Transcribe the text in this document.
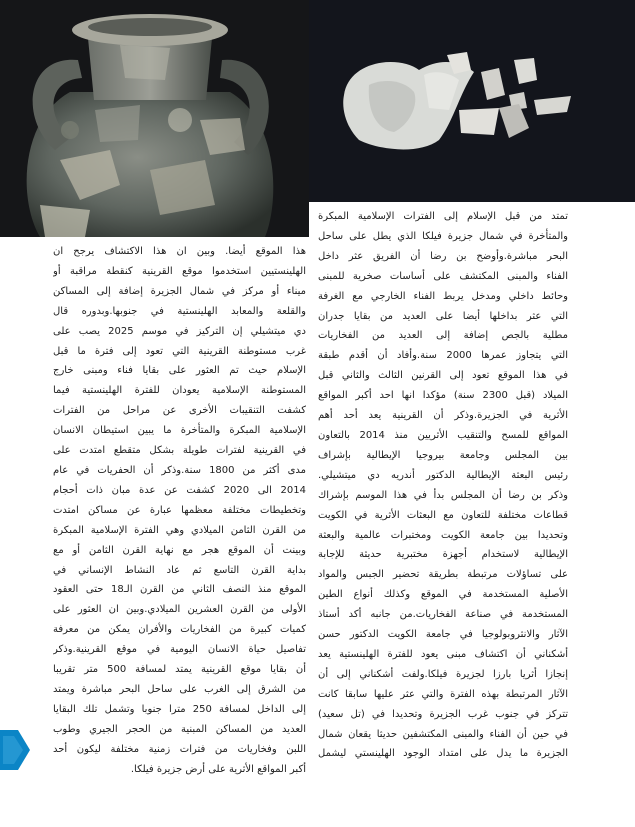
تمتد من قبل الإسلام إلى الفترات الإسلامية المبكرة
والمتأخرة في شمال جزيرة فيلكا الذي يطل على ساحل
البحر مباشرة.وأوضح بن رضا أن الفريق عثر داخل
الفناء والمبنى المكتشف على أساسات صخرية للمبنى
وحائط داخلي ومدخل يربط الفناء الخارجي مع الغرفة
التي عثر بداخلها أيضا على العديد من بقايا جدران
مطلية بالجص إضافة إلى العديد من الفخاريات
التي يتجاوز عمرها 2000 سنة.وأفاد أن أقدم طبقة
في هذا الموقع تعود إلى القرنين الثالث والثاني قبل
الميلاد (قبل 2300 سنة) مؤكدا انها احد أكبر المواقع
الأثرية في الجزيرة.وذكر أن القرينية يعد أحد أهم
المواقع للمسح والتنقيب الأثريين منذ 2014 بالتعاون
بين المجلس وجامعة بيروجيا الإيطالية بإشراف
رئيس البعثة الإيطالية الدكتور أندريه دي ميتشيلي.
وذكر بن رضا أن المجلس بدأ في هذا الموسم بإشراك
قطاعات مختلفة للتعاون مع البعثات الأثرية في الكويت
وتحديدا بين جامعة الكويت ومختبرات عالمية والبعثة
الإيطالية لاستخدام أجهزة مختبرية حديثة للإجابة
على تساؤلات مرتبطة بطريقة تحضير الجبس والمواد
الأصلية المستخدمة في الموقع وكذلك أنواع الطين
المستخدمة في صناعة الفخاريات.من جانبه أكد أستاذ
الآثار والانثروبولوجيا في جامعة الكويت الدكتور حسن
أشكناني أن اكتشاف مبنى يعود للفترة الهلينستية يعد
إنجازا أثريا بارزا لجزيرة فيلكا.ولفت أشكناني إلى أن
الآثار المرتبطة بهذه الفترة والتي عثر عليها سابقا كانت
تتركز في جنوب غرب الجزيرة وتحديدا في (تل سعيد)
في حين أن الفناء والمبنى المكتشفين حديثا يقعان شمال
الجزيرة ما يدل على امتداد الوجود الهلينستي ليشمل
هذا الموقع أيضا. وبين ان هذا الاكتشاف يرجح ان
الهلينستيين استخدموا موقع القرينية كنقطة مراقبة أو
ميناء أو مركز في شمال الجزيرة إضافة إلى المساكن
والقلعة والمعابد الهلينستية في جنوبها.وبدوره قال
دي ميتشيلي إن التركيز في موسم 2025 يصب على
غرب مستوطنة القرينية التي تعود إلى فترة ما قبل
الإسلام حيث تم العثور على بقايا فناء ومبنى خارج
المستوطنة الإسلامية يعودان للفترة الهلينستية فيما
كشفت التنقيبات الأخرى عن مراحل من الفترات
الإسلامية المبكرة والمتأخرة ما يبين استيطان الانسان
في القرينية لفترات طويلة بشكل متقطع امتدت على
مدى أكثر من 1800 سنة.وذكر أن الحفريات في عام
2014 الى 2020 كشفت عن عدة مبان ذات أحجام
وتخطيطات مختلفة معظمها عبارة عن مساكن امتدت
من القرن الثامن الميلادي وهي الفترة الإسلامية المبكرة
وبينت أن الموقع هجر مع نهاية القرن الثامن أو مع
بداية القرن التاسع ثم عاد النشاط الإنساني في
الموقع منذ النصف الثاني من القرن الـ18 حتى العقود
الأولى من القرن العشرين الميلادي.وبين ان العثور على
كميات كبيرة من الفخاريات والأفران يمكن من معرفة
تفاصيل حياة الانسان اليومية في موقع القرينية.وذكر
أن بقايا موقع القرينية يمتد لمسافة 500 متر تقريبا
من الشرق إلى الغرب على ساحل البحر مباشرة ويمتد
إلى الداخل لمسافة 250 مترا جنوبا وتشمل تلك البقايا
العديد من المساكن المبنية من الحجر الجيري وطوب
اللبن وفخاريات من فترات زمنية مختلفة ليكون أحد
أكبر المواقع الأثرية على أرض جزيرة فيلكا.
